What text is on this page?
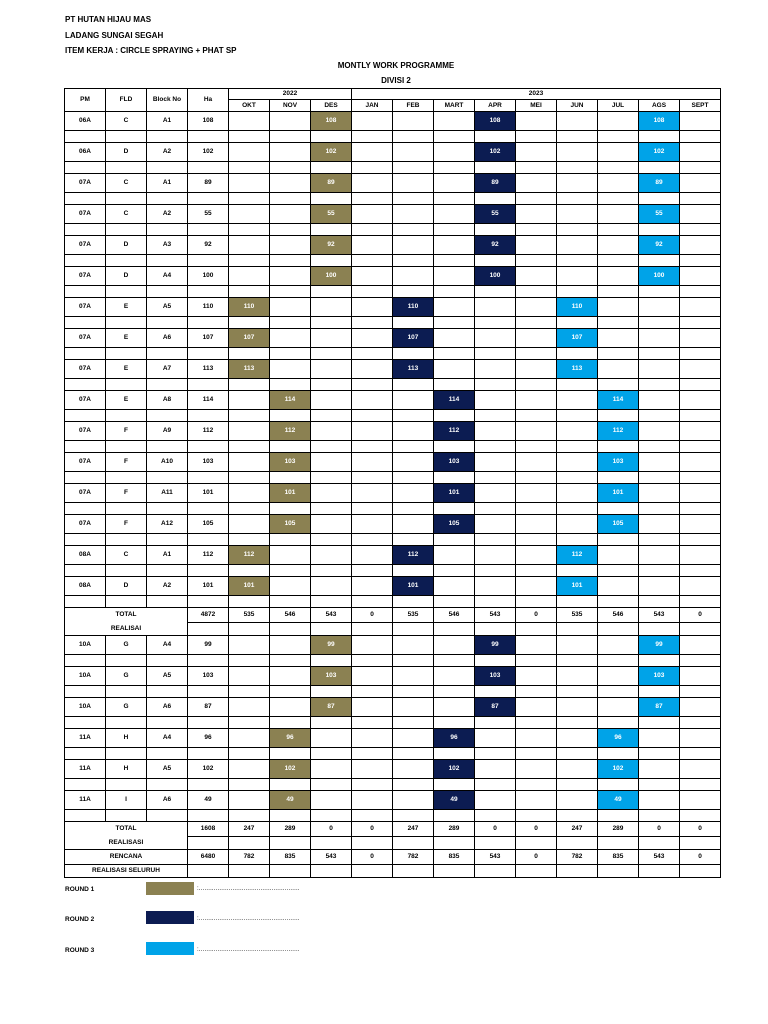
PT HUTAN HIJAU MAS
LADANG SUNGAI SEGAH
ITEM KERJA : CIRCLE SPRAYING + PHAT SP
MONTLY WORK PROGRAMME
DIVISI 2
PM	FLD	Block No	Ha	2022			2023								
				OKT	NOV	DES	JAN	FEB	MART	APR	MEI	JUN	JUL	AGS	SEPT
06A	C	A1	108			108				108				108	

06A	D	A2	102			102				102				102	

07A	C	A1	89			89				89				89	

07A	C	A2	55			55				55				55	

07A	D	A3	92			92				92				92	

07A	D	A4	100			100				100				100	

07A	E	A5	110	110				110				110			

07A	E	A6	107	107				107				107			

07A	E	A7	113	113				113				113			

07A	E	A8	114		114				114				114		

07A	F	A9	112		112				112				112		

07A	F	A10	103		103				103				103		

07A	F	A11	101		101				101				101		

07A	F	A12	105		105				105				105		

08A	C	A1	112	112				112				112			

08A	D	A2	101	101				101				101			

TOTAL			4872	535	546	543	0	535	546	543	0	535	546	543	0
REALISAI															
10A	G	A4	99			99				99				99	

10A	G	A5	103			103				103				103	

10A	G	A6	87			87				87				87	

11A	H	A4	96		96				96				96		

11A	H	A5	102		102				102				102		

11A	I	A6	49		49				49				49		

TOTAL			1608	247	289	0	0	247	289	0	0	247	289	0	0
REALISASI															
RENCANA			6480	782	835	543	0	782	835	543	0	782	835	543	0
REALISASI SELURUH															
ROUND 1	:......................................................
ROUND 2	:......................................................
ROUND 3	:......................................................
